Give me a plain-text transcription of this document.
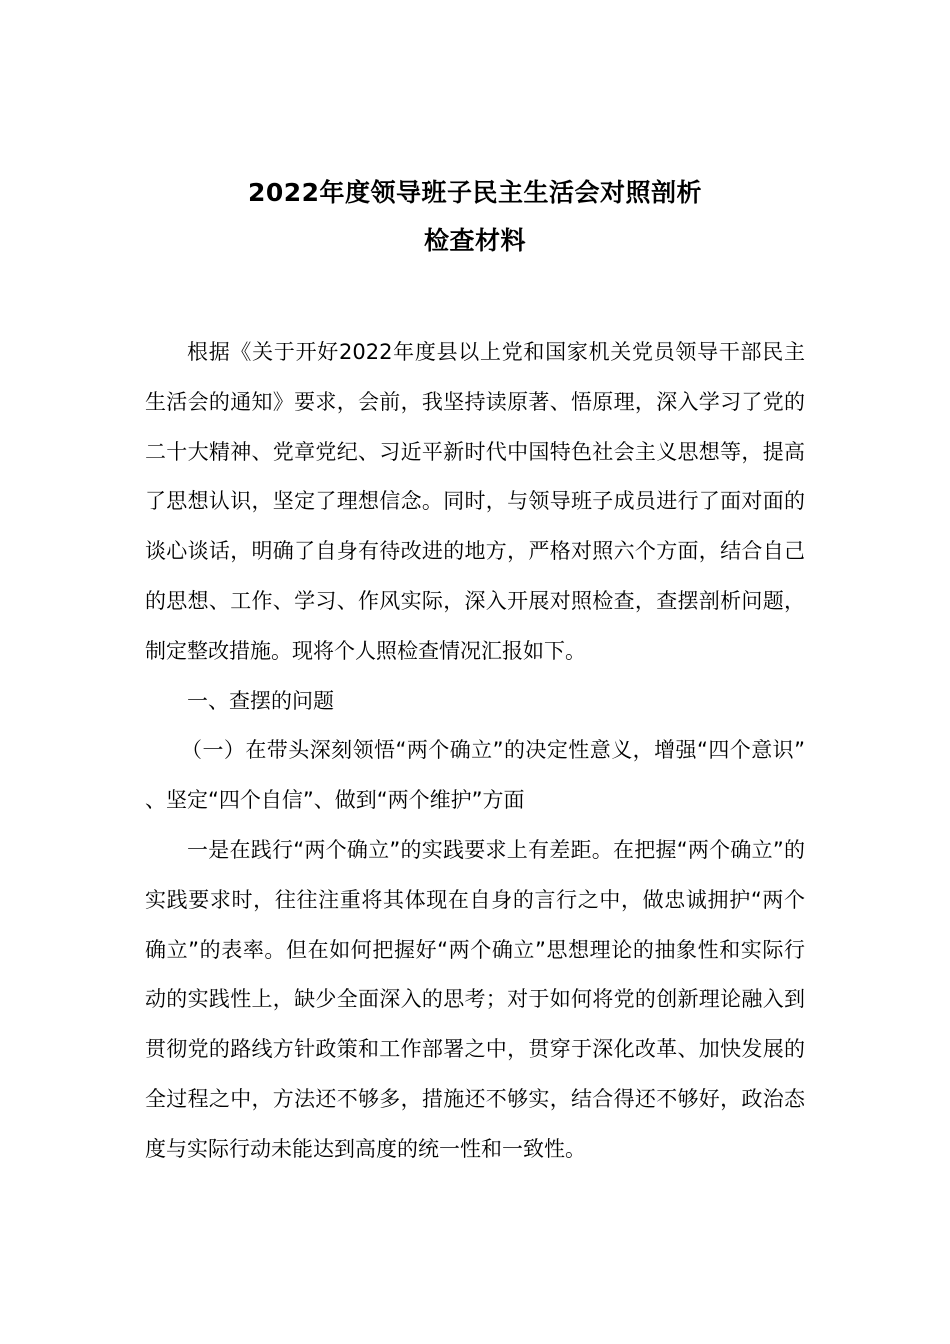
2022年度领导班子民主生活会对照剖析
检查材料

根据《关于开好2022年度县以上党和国家机关党员领导干部民主生活会的通知》要求，会前，我坚持读原著、悟原理，深入学习了党的二十大精神、党章党纪、习近平新时代中国特色社会主义思想等，提高了思想认识，坚定了理想信念。同时，与领导班子成员进行了面对面的谈心谈话，明确了自身有待改进的地方，严格对照六个方面，结合自己的思想、工作、学习、作风实际，深入开展对照检查，查摆剖析问题，制定整改措施。现将个人照检查情况汇报如下。

一、查摆的问题

（一）在带头深刻领悟“两个确立”的决定性意义，增强“四个意识”、坚定“四个自信”、做到“两个维护”方面

一是在践行“两个确立”的实践要求上有差距。在把握“两个确立”的实践要求时，往往注重将其体现在自身的言行之中，做忠诚拥护“两个确立”的表率。但在如何把握好“两个确立”思想理论的抽象性和实际行动的实践性上，缺少全面深入的思考；对于如何将党的创新理论融入到贯彻党的路线方针政策和工作部署之中，贯穿于深化改革、加快发展的全过程之中，方法还不够多，措施还不够实，结合得还不够好，政治态度与实际行动未能达到高度的统一性和一致性。
